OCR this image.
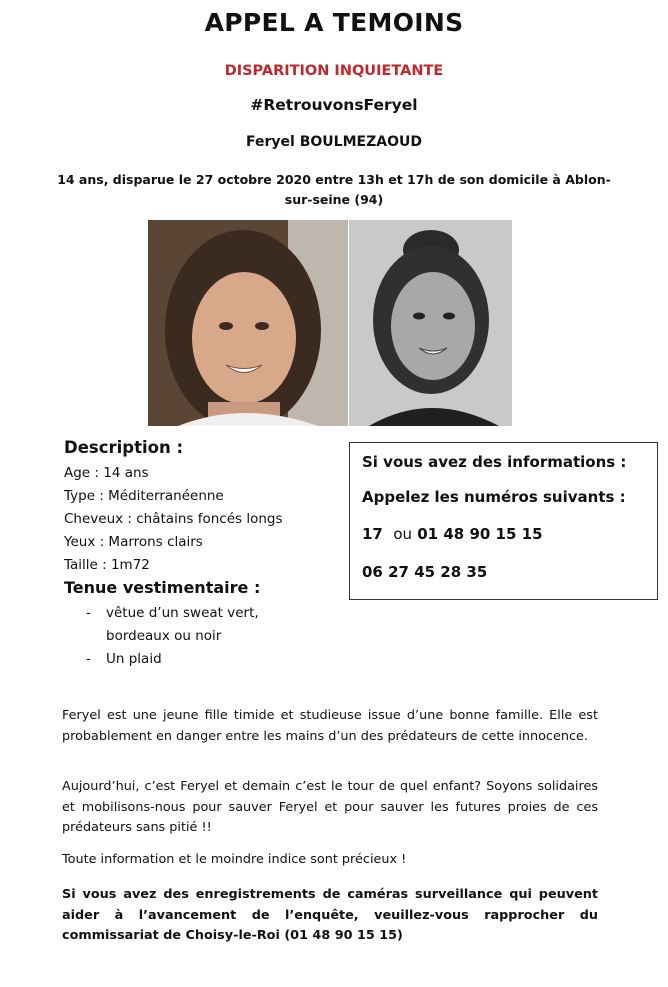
APPEL A TEMOINS
DISPARITION INQUIETANTE
#RetrouvonsFeryel
Feryel BOULMEZAOUD
14 ans, disparue le 27 octobre 2020 entre 13h et 17h de son domicile à Ablon-sur-seine (94)
Description :
Age : 14 ans
Type : Méditerranéenne
Cheveux : châtains foncés longs
Yeux : Marrons clairs
Taille : 1m72
Tenue vestimentaire :
- vêtue d’un sweat vert,
bordeaux ou noir
- Un plaid
Si vous avez des informations :
Appelez les numéros suivants :
17 ou 01 48 90 15 15
06 27 45 28 35
Feryel est une jeune fille timide et studieuse issue d’une bonne famille. Elle est probablement en danger entre les mains d’un des prédateurs de cette innocence.
Aujourd’hui, c’est Feryel et demain c’est le tour de quel enfant? Soyons solidaires et mobilisons-nous pour sauver Feryel et pour sauver les futures proies de ces prédateurs sans pitié !!
Toute information et le moindre indice sont précieux !
Si vous avez des enregistrements de caméras surveillance qui peuvent aider à l’avancement de l’enquête, veuillez-vous rapprocher du commissariat de Choisy-le-Roi (01 48 90 15 15)
